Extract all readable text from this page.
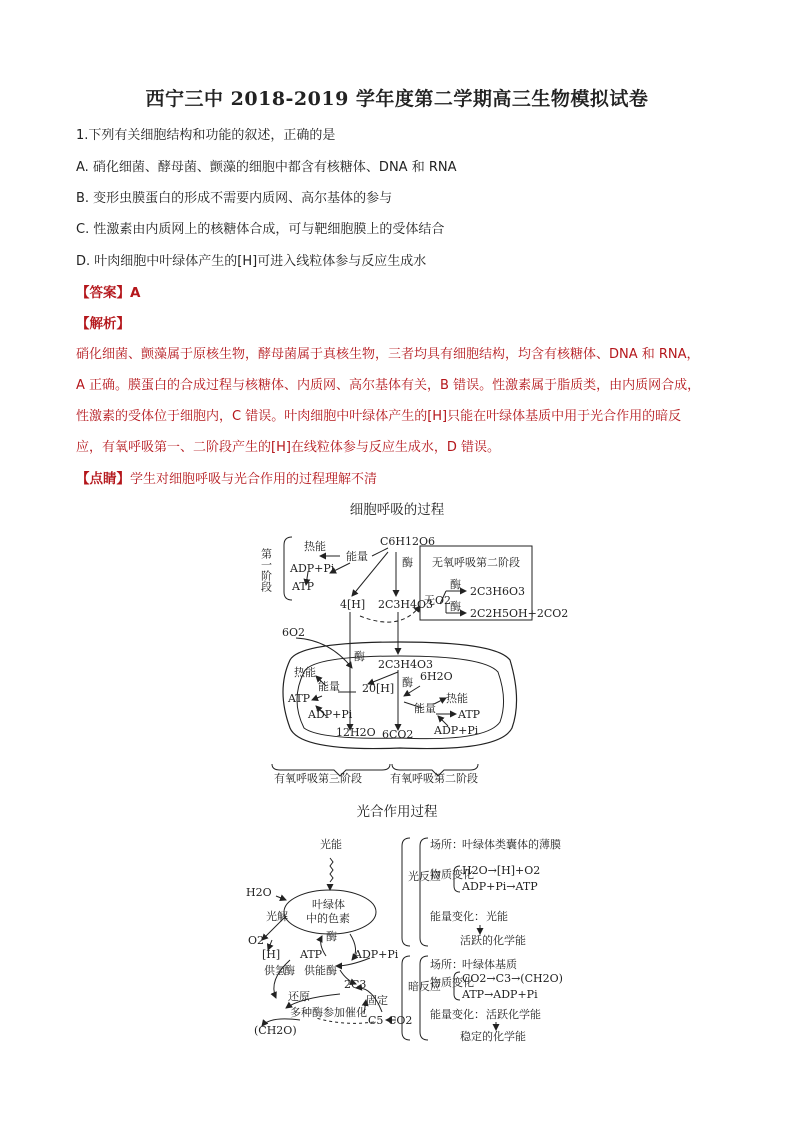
西宁三中 2018-2019 学年度第二学期高三生物模拟试卷
1.下列有关细胞结构和功能的叙述，正确的是
A. 硝化细菌、酵母菌、颤藻的细胞中都含有核糖体、DNA 和 RNA
B. 变形虫膜蛋白的形成不需要内质网、高尔基体的参与
C. 性激素由内质网上的核糖体合成，可与靶细胞膜上的受体结合
D. 叶肉细胞中叶绿体产生的[H]可进入线粒体参与反应生成水
【答案】A
【解析】
硝化细菌、颤藻属于原核生物，酵母菌属于真核生物，三者均具有细胞结构，均含有核糖体、DNA 和 RNA，
A 正确。膜蛋白的合成过程与核糖体、内质网、高尔基体有关，B 错误。性激素属于脂质类，由内质网合成，
性激素的受体位于细胞内，C 错误。叶肉细胞中叶绿体产生的[H]只能在叶绿体基质中用于光合作用的暗反
应，有氧呼吸第一、二阶段产生的[H]在线粒体参与反应生成水，D 错误。
【点睛】学生对细胞呼吸与光合作用的过程理解不清
细胞呼吸的过程
第一阶段
热能
能量
ADP+Pi
ATP
C6H12O6
酶 无氧呼吸第二阶段
无O2
酶
2C3H6O3
酶
2C2H5OH+2CO2
4[H] 2C3H4O3
6O2
酶
2C3H4O3
热能
能量 20[H] 酶 6H2O
ATP
ADP+Pi
热能
能量 ATP
ADP+Pi
12H2O 6CO2
有氧呼吸第三阶段	有氧呼吸第二阶段
光合作用过程
光能
H2O
叶绿体
中的色素
光解
O2
[H]
酶
ATP	ADP+Pi
供氢
酶 供能 酶
2C3
还原	固定
多种酶参加催化
C5 CO2
(CH2O)
光反应
场所： 叶绿体类囊体的薄膜
物质变化
H2O→[H]+O2
ADP+Pi→ATP
能量变化： 光能
活跃的化学能
暗反应
场所： 叶绿体基质
物质变化
CO2→C3→(CH2O)
ATP→ADP+Pi
能量变化： 活跃化学能
稳定的化学能
